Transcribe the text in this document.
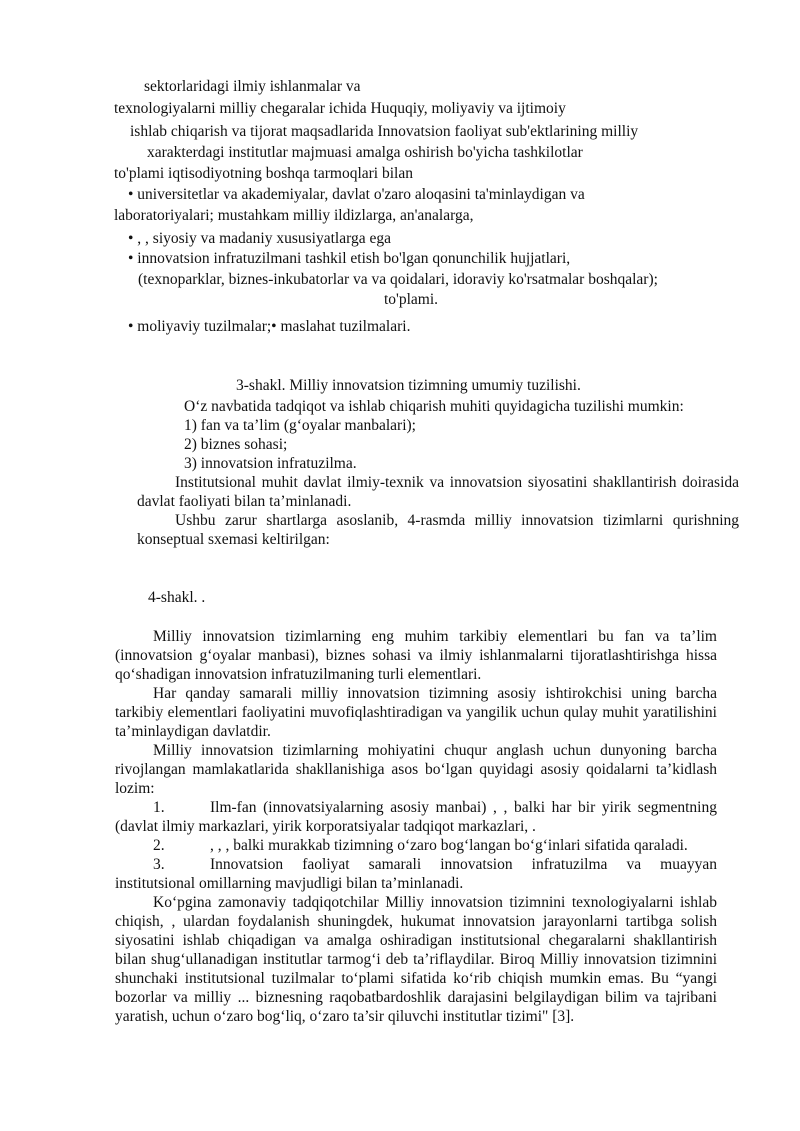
sektorlaridagi ilmiy ishlanmalar va
texnologiyalarni milliy chegaralar ichida Huquqiy, moliyaviy va ijtimoiy
ishlab chiqarish va tijorat maqsadlarida Innovatsion faoliyat sub'ektlarining milliy
xarakterdagi institutlar majmuasi amalga oshirish bo'yicha tashkilotlar
to'plami iqtisodiyotning boshqa tarmoqlari bilan
• universitetlar va akademiyalar, davlat o'zaro aloqasini ta'minlaydigan va
laboratoriyalari; mustahkam milliy ildizlarga, an'analarga,
• , , siyosiy va madaniy xususiyatlarga ega
• innovatsion infratuzilmani tashkil etish bo'lgan qonunchilik hujjatlari,
(texnoparklar, biznes-inkubatorlar va va qoidalari, idoraviy ko'rsatmalar boshqalar);
to'plami.
• moliyaviy tuzilmalar;• maslahat tuzilmalari.
3-shakl. Milliy innovatsion tizimning umumiy tuzilishi.
O‘z navbatida tadqiqot va ishlab chiqarish muhiti quyidagicha tuzilishi mumkin:
1) fan va ta’lim (g‘oyalar manbalari);
2) biznes sohasi;
3) innovatsion infratuzilma.
Institutsional muhit davlat ilmiy-texnik va innovatsion siyosatini shakllantirish doirasida davlat faoliyati bilan ta’minlanadi.
Ushbu zarur shartlarga asoslanib, 4-rasmda milliy innovatsion tizimlarni qurishning konseptual sxemasi keltirilgan:
4-shakl. .
Milliy innovatsion tizimlarning eng muhim tarkibiy elementlari bu fan va ta’lim (innovatsion g‘oyalar manbasi), biznes sohasi va ilmiy ishlanmalarni tijoratlashtirishga hissa qo‘shadigan innovatsion infratuzilmaning turli elementlari.
Har qanday samarali milliy innovatsion tizimning asosiy ishtirokchisi uning barcha tarkibiy elementlari faoliyatini muvofiqlashtiradigan va yangilik uchun qulay muhit yaratilishini ta’minlaydigan davlatdir.
Milliy innovatsion tizimlarning mohiyatini chuqur anglash uchun dunyoning barcha rivojlangan mamlakatlarida shakllanishiga asos bo‘lgan quyidagi asosiy qoidalarni ta’kidlash lozim:
1.	Ilm-fan (innovatsiyalarning asosiy manbai) , , balki har bir yirik segmentning
(davlat ilmiy markazlari, yirik korporatsiyalar tadqiqot markazlari, .
2.	, , , balki murakkab tizimning o‘zaro bog‘langan bo‘g‘inlari sifatida qaraladi.
3.	Innovatsion faoliyat samarali innovatsion infratuzilma va muayyan
institutsional omillarning mavjudligi bilan ta’minlanadi.
Ko‘pgina zamonaviy tadqiqotchilar Milliy innovatsion tizimnini texnologiyalarni ishlab chiqish, , ulardan foydalanish shuningdek, hukumat innovatsion jarayonlarni tartibga solish siyosatini ishlab chiqadigan va amalga oshiradigan institutsional chegaralarni shakllantirish bilan shug‘ullanadigan institutlar tarmog‘i deb ta’riflaydilar. Biroq Milliy innovatsion tizimnini shunchaki institutsional tuzilmalar to‘plami sifatida ko‘rib chiqish mumkin emas. Bu “yangi bozorlar va milliy ... biznesning raqobatbardoshlik darajasini belgilaydigan bilim va tajribani yaratish, uchun o‘zaro bog‘liq, o‘zaro ta’sir qiluvchi institutlar tizimi" [3].
